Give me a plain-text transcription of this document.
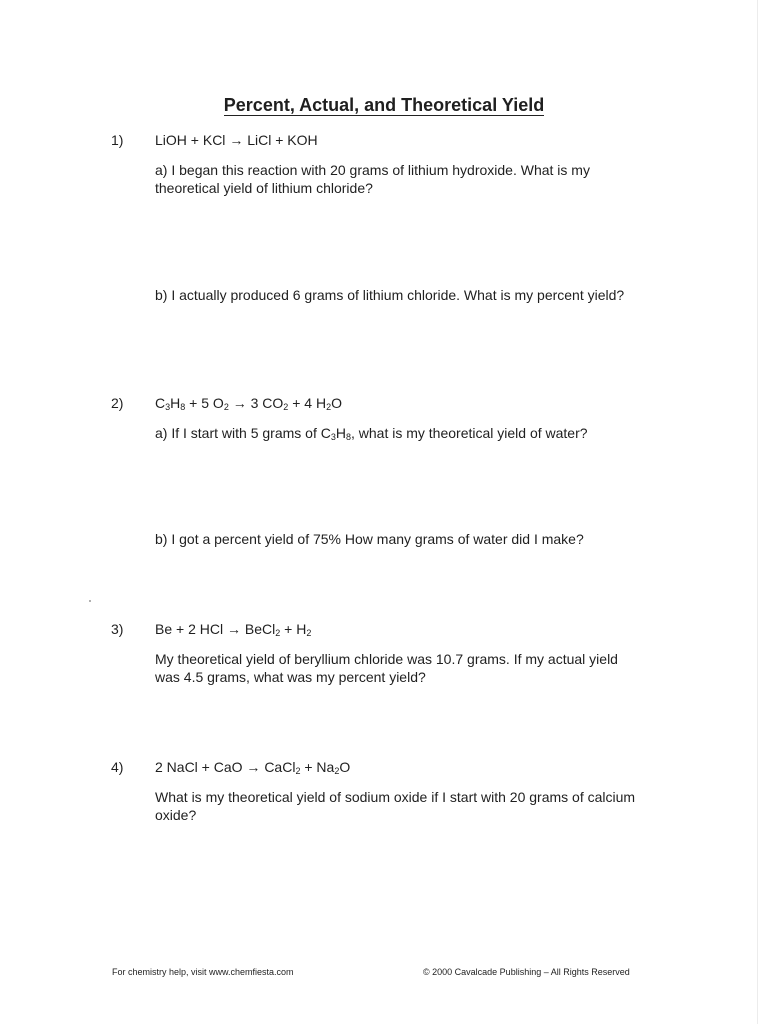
Percent, Actual, and Theoretical Yield
1) LiOH + KCl → LiCl + KOH
a) I began this reaction with 20 grams of lithium hydroxide. What is my theoretical yield of lithium chloride?
b) I actually produced 6 grams of lithium chloride. What is my percent yield?
2) $C_3H_8 + 5$ $O_2 \to 3$ $CO_2 + 4$ $H_2O$
a) If I start with 5 grams of $C_3H_8$, what is my theoretical yield of water?
b) I got a percent yield of 75% How many grams of water did I make?
3) Be + 2 HCl → BeCl$_2$ + $H_2$
My theoretical yield of beryllium chloride was 10.7 grams. If my actual yield was 4.5 grams, what was my percent yield?
4) 2 NaCl + CaO → CaCl$_2$ + $Na_2O$
What is my theoretical yield of sodium oxide if I start with 20 grams of calcium oxide?
For chemistry help, visit www.chemfiesta.com	© 2000 Cavalcade Publishing – All Rights Reserved
